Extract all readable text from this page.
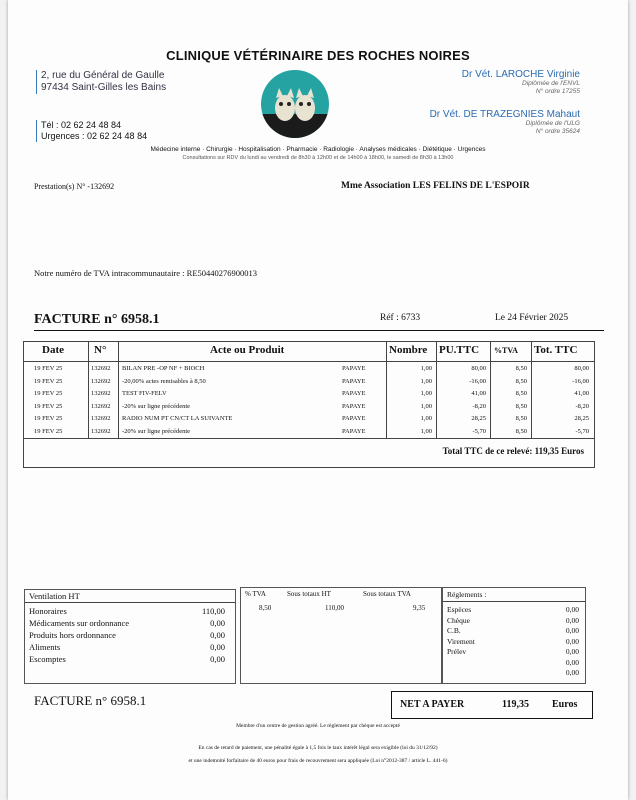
CLINIQUE VÉTÉRINAIRE DES ROCHES NOIRES
2, rue du Général de Gaulle
97434 Saint-Gilles les Bains
Dr Vét. LAROCHE Virginie
Diplômée de l'ENVL
N° ordre 17255
Dr Vét. DE TRAZEGNIES Mahaut
Diplômée de l'ULG
N° ordre 35624
Tél : 02 62 24 48 84
Urgences : 02 62 24 48 84
Médecine interne · Chirurgie · Hospitalisation · Pharmacie · Radiologie · Analyses médicales · Diététique · Urgences
Consultations sur RDV du lundi au vendredi de 8h30 à 12h00 et de 14h00 à 18h00, le samedi de 8h30 à 13h00
Prestation(s) N° -132692	Mme Association LES FELINS DE L'ESPOIR
Notre numéro de TVA intracommunautaire : RE50440276900013
FACTURE n° 6958.1	Réf : 6733	Le 24 Février 2025
Date	N°	Acte ou Produit	Nombre PU.TTC %TVA Tot. TTC
19 FEV 25	132692 BILAN PRE -OP NF + BIOCH	PAPAYE	1,00	80,00	8,50	80,00
19 FEV 25	132692 -20,00% actes remisables à 8,50	PAPAYE	1,00	-16,00	8,50	-16,00
19 FEV 25	132692 TEST FIV-FELV	PAPAYE	1,00	41,00	8,50	41,00
19 FEV 25	132692 -20% sur ligne précédente	PAPAYE	1,00	-8,20	8,50	-8,20
19 FEV 25	132692 RADIO NUM PT CN/CT LA SUIVANTE	PAPAYE	1,00	28,25	8,50	28,25
19 FEV 25	132692 -20% sur ligne précédente	PAPAYE	1,00	-5,70	8,50	-5,70
Total TTC de ce relevé: 119,35 Euros
Ventilation HT
Honoraires	110,00
Médicaments sur ordonnance	0,00
Produits hors ordonnance	0,00
Aliments	0,00
Escomptes	0,00
% TVA	Sous totaux HT	Sous totaux TVA
8,50	110,00	9,35
Réglements :
Espèces	0,00
Chèque	0,00
C.B.	0,00
Virement	0,00
Prélev	0,00
0,00
0,00
FACTURE n° 6958.1	NET A PAYER	119,35 Euros
Membre d'un centre de gestion agréé. Le règlement par chèque est accepté
En cas de retard de paiement, une pénalité égale à 1,5 fois le taux intérêt légal sera exigible (loi du 31/12/92)
et une indemnité forfaitaire de 40 euros pour frais de recouvrement sera appliquée (Loi n°2012-387 / article L. 441-6)
